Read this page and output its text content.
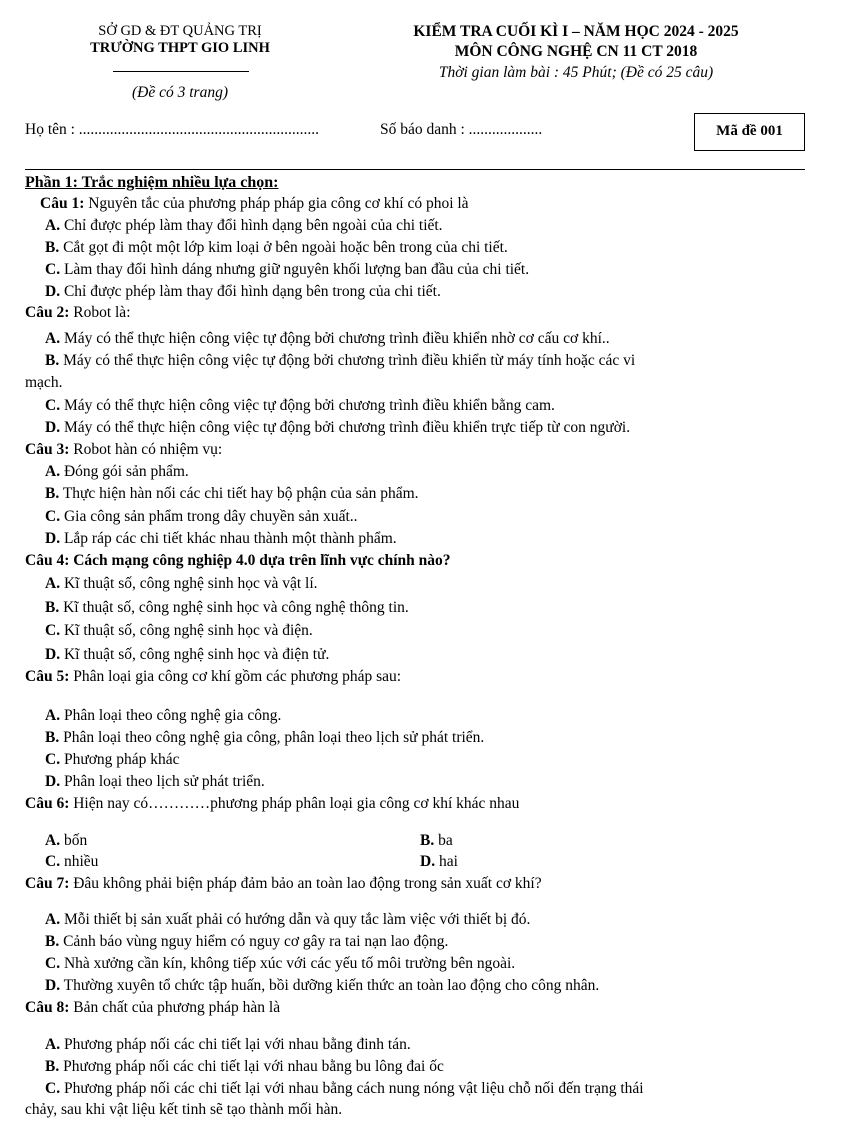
SỞ GD & ĐT QUẢNG TRỊ
TRƯỜNG THPT GIO LINH
(Đề có 3 trang)
KIỂM TRA CUỐI KÌ I – NĂM HỌC 2024 - 2025
MÔN CÔNG NGHỆ CN 11 CT 2018
Thời gian làm bài : 45 Phút; (Đề có 25 câu)
Họ tên : ..............................................................	Số báo danh : ...................	Mã đề 001
Phần 1: Trắc nghiệm nhiều lựa chọn:
Câu 1: Nguyên tắc của phương pháp pháp gia công cơ khí có phoi là
A. Chỉ được phép làm thay đổi hình dạng bên ngoài của chi tiết.
B. Cắt gọt đi một một lớp kim loại ở bên ngoài hoặc bên trong của chi tiết.
C. Làm thay đổi hình dáng nhưng giữ nguyên khối lượng ban đầu của chi tiết.
D. Chỉ được phép làm thay đổi hình dạng bên trong của chi tiết.
Câu 2: Robot là:
A. Máy có thể thực hiện công việc tự động bởi chương trình điều khiển nhờ cơ cấu cơ khí..
B. Máy có thể thực hiện công việc tự động bởi chương trình điều khiển từ máy tính hoặc các vi
mạch.
C. Máy có thể thực hiện công việc tự động bởi chương trình điều khiển bằng cam.
D. Máy có thể thực hiện công việc tự động bởi chương trình điều khiển trực tiếp từ con người.
Câu 3: Robot hàn có nhiệm vụ:
A. Đóng gói sản phẩm.
B. Thực hiện hàn nối các chi tiết hay bộ phận của sản phẩm.
C. Gia công sản phẩm trong dây chuyền sản xuất..
D. Lắp ráp các chi tiết khác nhau thành một thành phẩm.
Câu 4: Cách mạng công nghiệp 4.0 dựa trên lĩnh vực chính nào?
A. Kĩ thuật số, công nghệ sinh học và vật lí.
B. Kĩ thuật số, công nghệ sinh học và công nghệ thông tin.
C. Kĩ thuật số, công nghệ sinh học và điện.
D. Kĩ thuật số, công nghệ sinh học và điện tử.
Câu 5: Phân loại gia công cơ khí gồm các phương pháp sau:
A. Phân loại theo công nghệ gia công.
B. Phân loại theo công nghệ gia công, phân loại theo lịch sử phát triển.
C. Phương pháp khác
D. Phân loại theo lịch sử phát triển.
Câu 6: Hiện nay có…………phương pháp phân loại gia công cơ khí khác nhau
A. bốn	B. ba
C. nhiều	D. hai
Câu 7: Đâu không phải biện pháp đảm bảo an toàn lao động trong sản xuất cơ khí?
A. Mỗi thiết bị sản xuất phải có hướng dẫn và quy tắc làm việc với thiết bị đó.
B. Cảnh báo vùng nguy hiểm có nguy cơ gây ra tai nạn lao động.
C. Nhà xưởng cần kín, không tiếp xúc với các yếu tố môi trường bên ngoài.
D. Thường xuyên tổ chức tập huấn, bồi dưỡng kiến thức an toàn lao động cho công nhân.
Câu 8: Bản chất của phương pháp hàn là
A. Phương pháp nối các chi tiết lại với nhau bằng đinh tán.
B. Phương pháp nối các chi tiết lại với nhau bằng bu lông đai ốc
C. Phương pháp nối các chi tiết lại với nhau bằng cách nung nóng vật liệu chỗ nối đến trạng thái
chảy, sau khi vật liệu kết tinh sẽ tạo thành mối hàn.
